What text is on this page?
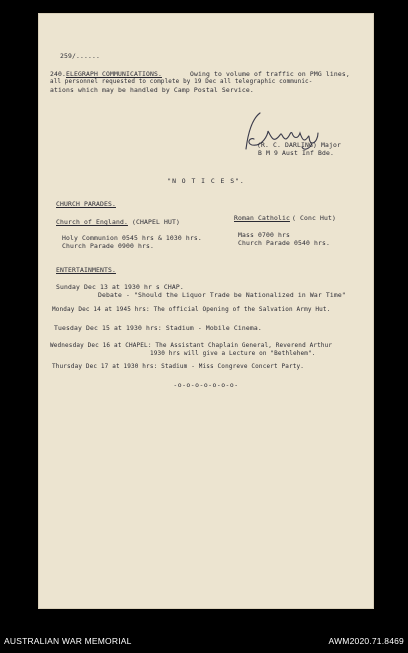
259/......
240. ELEGRAPH COMMUNICATIONS.	Owing to volume of traffic on PMG lines,
all personnel requested to complete by 19 Dec all telegraphic communic-
ations which may be handled by Camp Postal Service.
(R. C. DARLING) Major
B M 9 Aust Inf Bde.
"N O T I C E S".
CHURCH PARADES.
Church of England. (CHAPEL HUT)
Holy Communion 0545 hrs & 1030 hrs.
Church Parade 0900 hrs.
Roman Catholic ( Conc Hut)
Mass 0700 hrs
Church Parade 0540 hrs.
ENTERTAINMENTS.
Sunday Dec 13 at 1930 hr s CHAP.
Debate - "Should the Liquor Trade be Nationalized in War Time"
Monday Dec 14 at 1945 hrs: The official Opening of the Salvation Army Hut.
Tuesday Dec 15 at 1930 hrs: Stadium - Mobile Cinema.
Wednesday Dec 16 at CHAPEL: The Assistant Chaplain General, Reverend Arthur
1930 hrs will give a Lecture on "Bethlehem".
Thursday Dec 17 at 1930 hrs: Stadium - Miss Congreve Concert Party.
-o-o-o-o-o-o-o-
AUSTRALIAN WAR MEMORIAL	AWM2020.71.8469
